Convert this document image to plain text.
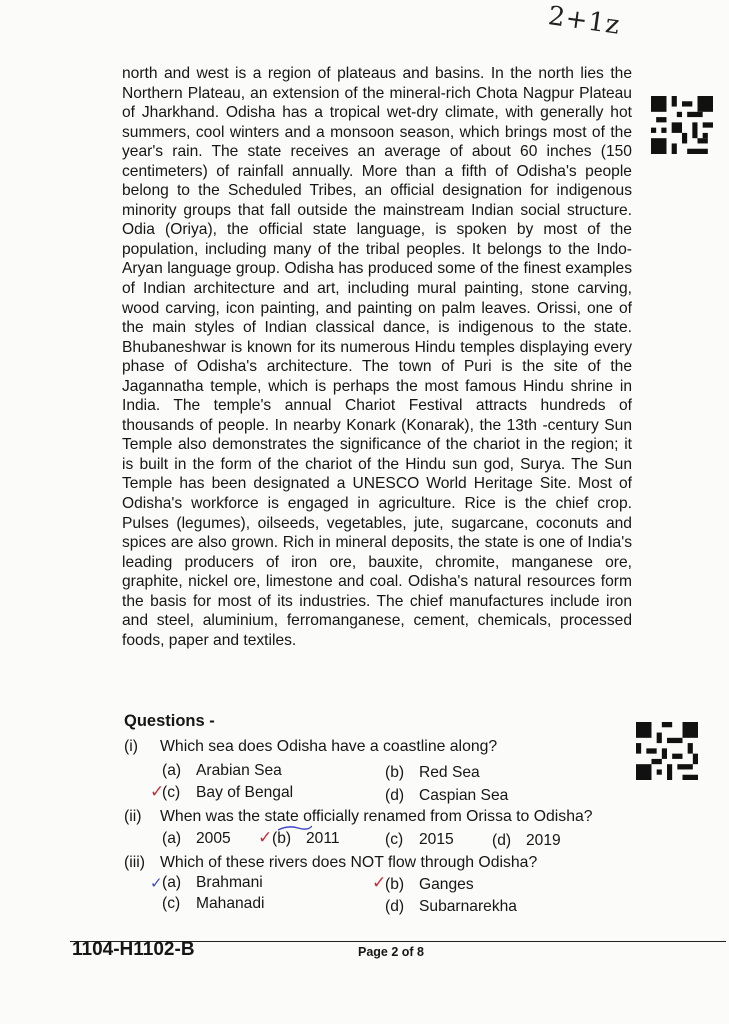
2+1z

north and west is a region of plateaus and basins. In the north lies the Northern Plateau, an extension of the mineral-rich Chota Nagpur Plateau of Jharkhand. Odisha has a tropical wet-dry climate, with generally hot summers, cool winters and a monsoon season, which brings most of the year's rain. The state receives an average of about 60 inches (150 centimeters) of rainfall annually. More than a fifth of Odisha's people belong to the Scheduled Tribes, an official designation for indigenous minority groups that fall outside the mainstream Indian social structure. Odia (Oriya), the official state language, is spoken by most of the population, including many of the tribal peoples. It belongs to the Indo-Aryan language group. Odisha has produced some of the finest examples of Indian architecture and art, including mural painting, stone carving, wood carving, icon painting, and painting on palm leaves. Orissi, one of the main styles of Indian classical dance, is indigenous to the state. Bhubaneshwar is known for its numerous Hindu temples displaying every phase of Odisha's architecture. The town of Puri is the site of the Jagannatha temple, which is perhaps the most famous Hindu shrine in India. The temple's annual Chariot Festival attracts hundreds of thousands of people. In nearby Konark (Konarak), the 13th -century Sun Temple also demonstrates the significance of the chariot in the region; it is built in the form of the chariot of the Hindu sun god, Surya. The Sun Temple has been designated a UNESCO World Heritage Site. Most of Odisha's workforce is engaged in agriculture. Rice is the chief crop. Pulses (legumes), oilseeds, vegetables, jute, sugarcane, coconuts and spices are also grown. Rich in mineral deposits, the state is one of India's leading producers of iron ore, bauxite, chromite, manganese ore, graphite, nickel ore, limestone and coal. Odisha's natural resources form the basis for most of its industries. The chief manufactures include iron and steel, aluminium, ferromanganese, cement, chemicals, processed foods, paper and textiles.

Questions -
(i) Which sea does Odisha have a coastline along?
(a) Arabian Sea	(b) Red Sea
(c) Bay of Bengal	(d) Caspian Sea
✓
(ii) When was the state officially renamed from Orissa to Odisha?
(a) 2005	(b) 2011	(c) 2015 (d) 2019
✓
(iii) Which of these rivers does NOT flow through Odisha?
(a) Brahmani	(b) Ganges
(c) Mahanadi	(d) Subarnarekha
✓	✓
1104-H1102-B	Page 2 of 8
